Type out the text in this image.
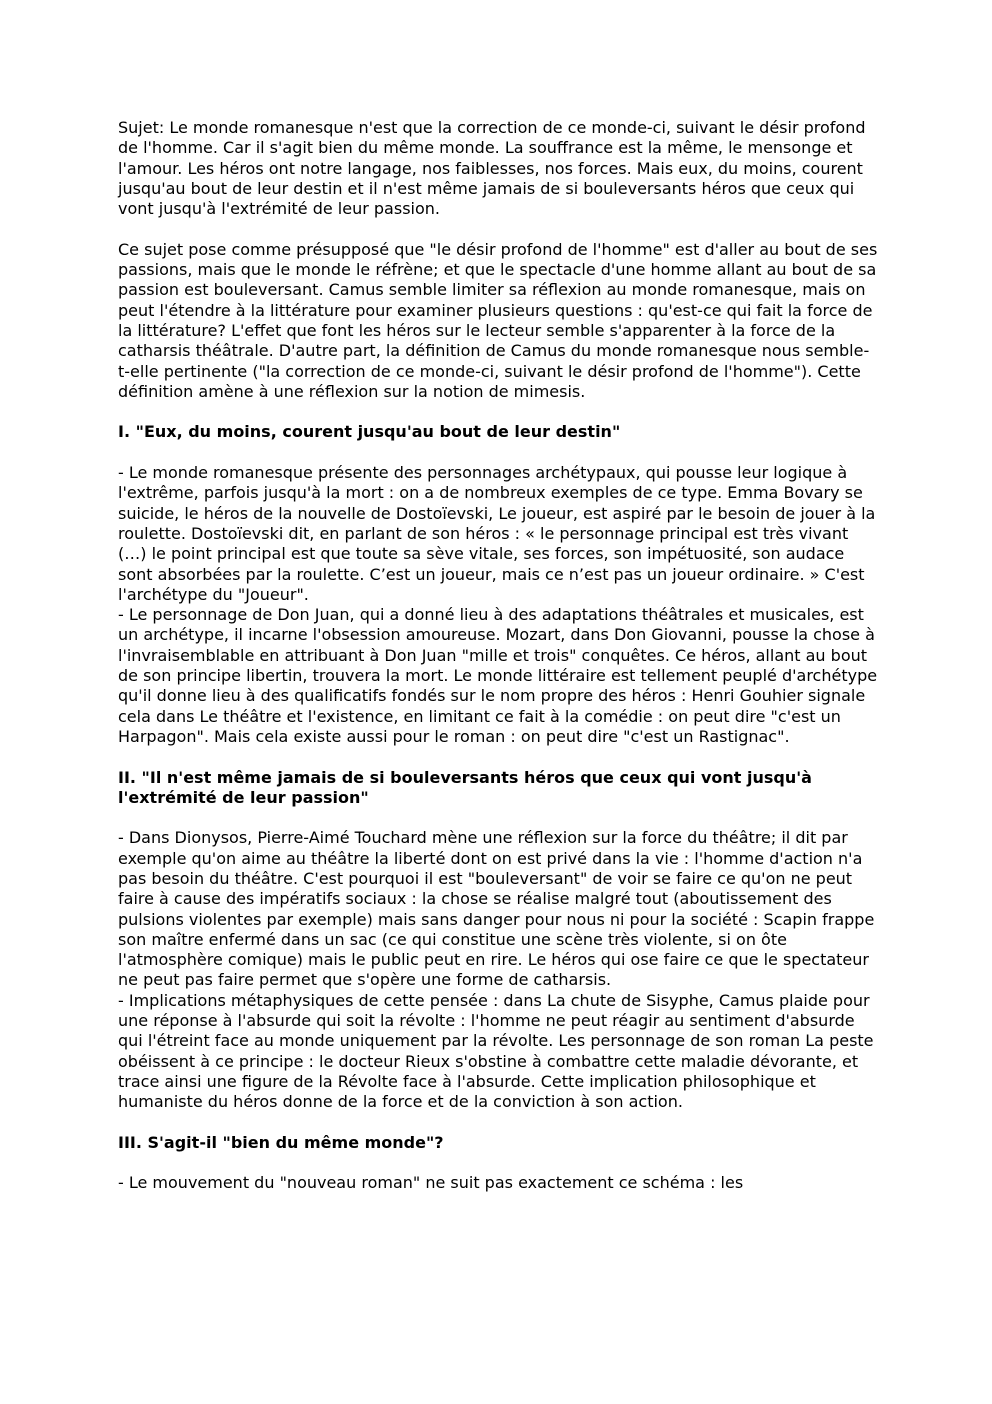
Sujet: Le monde romanesque n'est que la correction de ce monde-ci, suivant le désir profond de l'homme. Car il s'agit bien du même monde. La souffrance est la même, le mensonge et l'amour. Les héros ont notre langage, nos faiblesses, nos forces. Mais eux, du moins, courent jusqu'au bout de leur destin et il n'est même jamais de si bouleversants héros que ceux qui vont jusqu'à l'extrémité de leur passion.

Ce sujet pose comme présupposé que "le désir profond de l'homme" est d'aller au bout de ses passions, mais que le monde le réfrène; et que le spectacle d'une homme allant au bout de sa passion est bouleversant. Camus semble limiter sa réflexion au monde romanesque, mais on peut l'étendre à la littérature pour examiner plusieurs questions : qu'est-ce qui fait la force de la littérature? L'effet que font les héros sur le lecteur semble s'apparenter à la force de la catharsis théâtrale. D'autre part, la définition de Camus du monde romanesque nous semble-t-elle pertinente ("la correction de ce monde-ci, suivant le désir profond de l'homme"). Cette définition amène à une réflexion sur la notion de mimesis.

I. "Eux, du moins, courent jusqu'au bout de leur destin"

- Le monde romanesque présente des personnages archétypaux, qui pousse leur logique à l'extrême, parfois jusqu'à la mort : on a de nombreux exemples de ce type. Emma Bovary se suicide, le héros de la nouvelle de Dostoïevski, Le joueur, est aspiré par le besoin de jouer à la roulette. Dostoïevski dit, en parlant de son héros : « le personnage principal est très vivant (…) le point principal est que toute sa sève vitale, ses forces, son impétuosité, son audace sont absorbées par la roulette. C’est un joueur, mais ce n’est pas un joueur ordinaire. » C'est l'archétype du "Joueur".
- Le personnage de Don Juan, qui a donné lieu à des adaptations théâtrales et musicales, est un archétype, il incarne l'obsession amoureuse. Mozart, dans Don Giovanni, pousse la chose à l'invraisemblable en attribuant à Don Juan "mille et trois" conquêtes. Ce héros, allant au bout de son principe libertin, trouvera la mort. Le monde littéraire est tellement peuplé d'archétype qu'il donne lieu à des qualificatifs fondés sur le nom propre des héros : Henri Gouhier signale cela dans Le théâtre et l'existence, en limitant ce fait à la comédie : on peut dire "c'est un Harpagon". Mais cela existe aussi pour le roman : on peut dire "c'est un Rastignac".

II. "Il n'est même jamais de si bouleversants héros que ceux qui vont jusqu'à l'extrémité de leur passion"

- Dans Dionysos, Pierre-Aimé Touchard mène une réflexion sur la force du théâtre; il dit par exemple qu'on aime au théâtre la liberté dont on est privé dans la vie : l'homme d'action n'a pas besoin du théâtre. C'est pourquoi il est "bouleversant" de voir se faire ce qu'on ne peut faire à cause des impératifs sociaux : la chose se réalise malgré tout (aboutissement des pulsions violentes par exemple) mais sans danger pour nous ni pour la société : Scapin frappe son maître enfermé dans un sac (ce qui constitue une scène très violente, si on ôte l'atmosphère comique) mais le public peut en rire. Le héros qui ose faire ce que le spectateur ne peut pas faire permet que s'opère une forme de catharsis.
- Implications métaphysiques de cette pensée : dans La chute de Sisyphe, Camus plaide pour une réponse à l'absurde qui soit la révolte : l'homme ne peut réagir au sentiment d'absurde qui l'étreint face au monde uniquement par la révolte. Les personnage de son roman La peste obéissent à ce principe : le docteur Rieux s'obstine à combattre cette maladie dévorante, et trace ainsi une figure de la Révolte face à l'absurde. Cette implication philosophique et humaniste du héros donne de la force et de la conviction à son action.

III. S'agit-il "bien du même monde"?

- Le mouvement du "nouveau roman" ne suit pas exactement ce schéma : les
